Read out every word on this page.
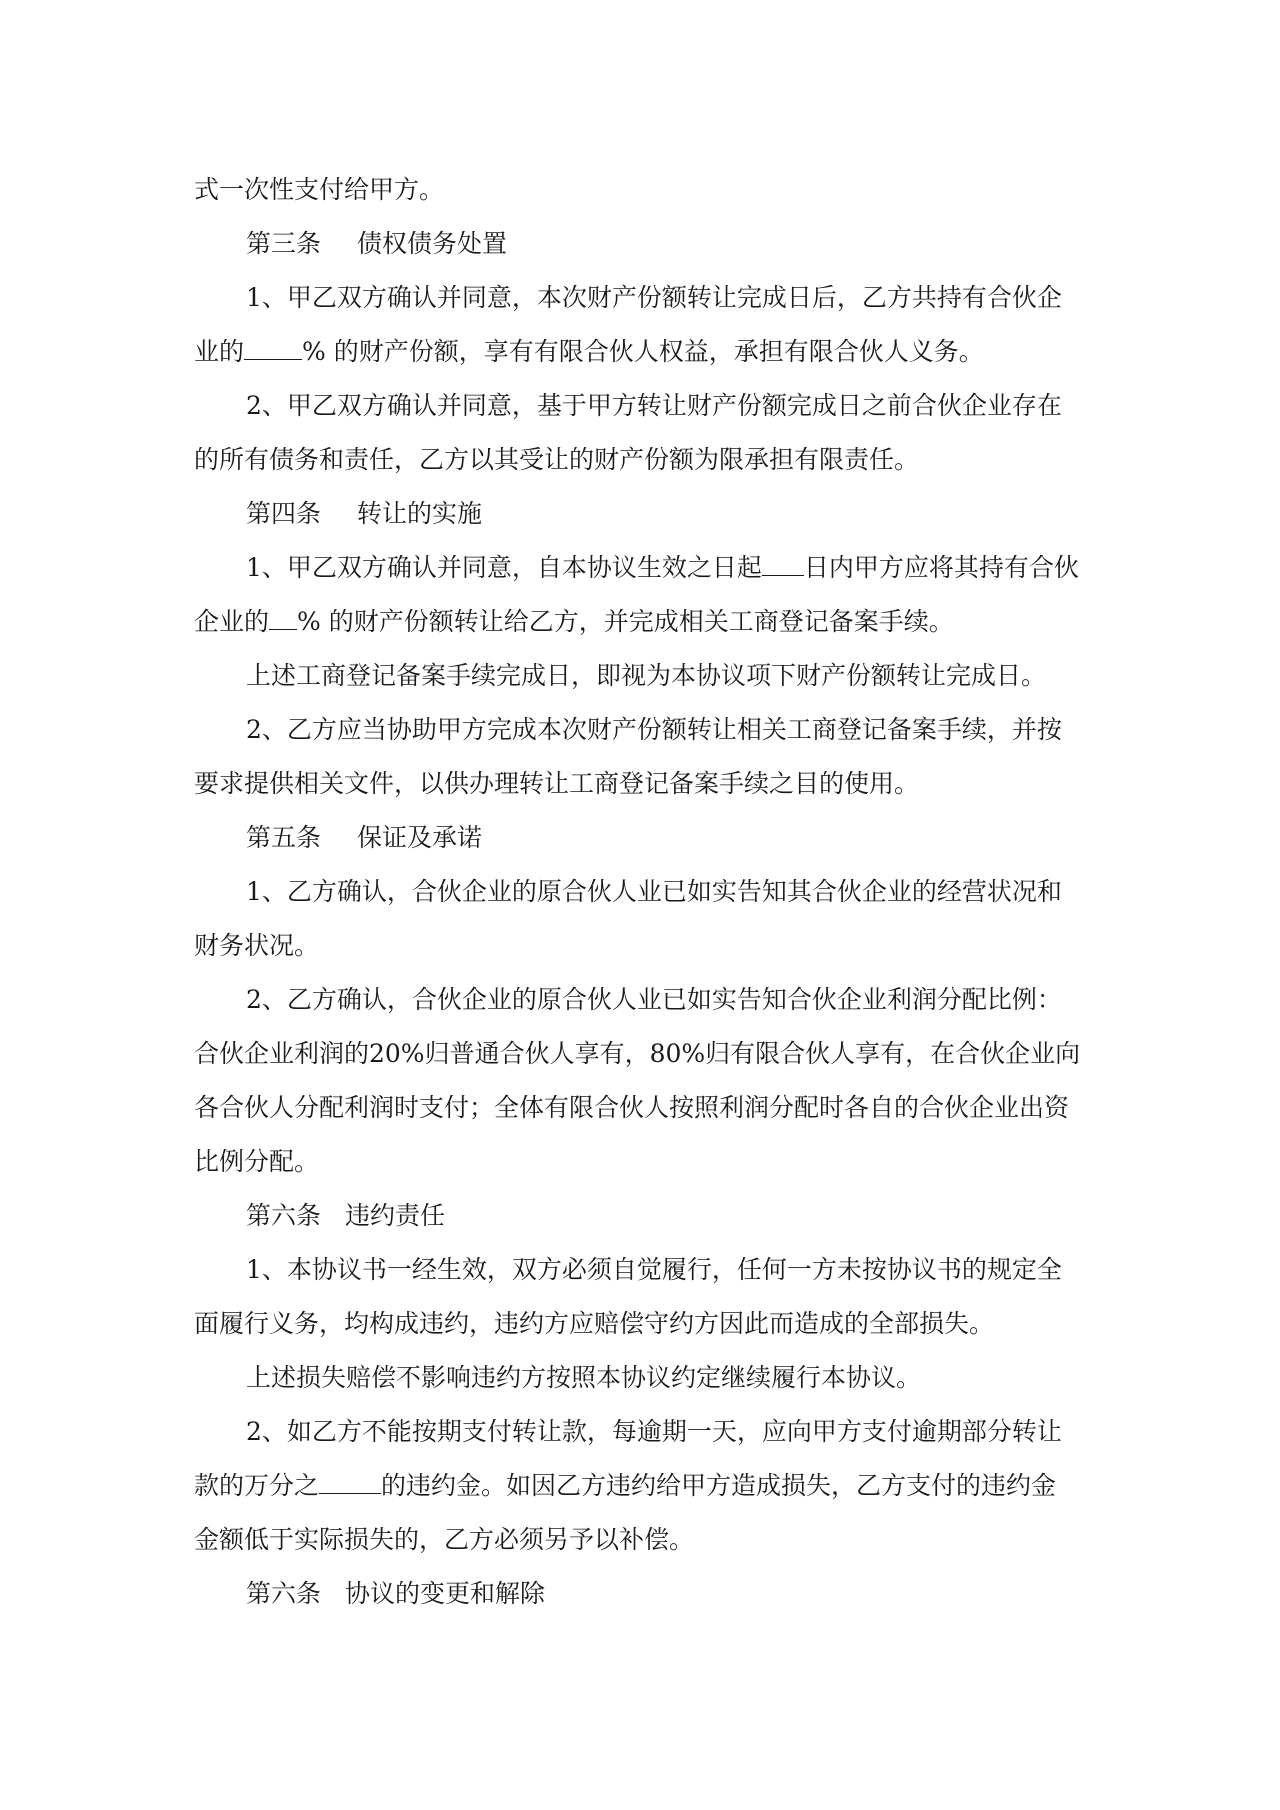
式一次性支付给甲方。
第三条 债权债务处置
1、甲乙双方确认并同意，本次财产份额转让完成日后，乙方共持有合伙企
业的 % 的财产份额，享有有限合伙人权益，承担有限合伙人义务。
2、甲乙双方确认并同意，基于甲方转让财产份额完成日之前合伙企业存在
的所有债务和责任，乙方以其受让的财产份额为限承担有限责任。
第四条 转让的实施
1、甲乙双方确认并同意，自本协议生效之日起 日内甲方应将其持有合伙
企业的 % 的财产份额转让给乙方，并完成相关工商登记备案手续。
上述工商登记备案手续完成日，即视为本协议项下财产份额转让完成日。
2、乙方应当协助甲方完成本次财产份额转让相关工商登记备案手续，并按
要求提供相关文件，以供办理转让工商登记备案手续之目的使用。
第五条 保证及承诺
1、乙方确认，合伙企业的原合伙人业已如实告知其合伙企业的经营状况和
财务状况。
2、乙方确认，合伙企业的原合伙人业已如实告知合伙企业利润分配比例：
合伙企业利润的20%归普通合伙人享有，80%归有限合伙人享有，在合伙企业向
各合伙人分配利润时支付；全体有限合伙人按照利润分配时各自的合伙企业出资
比例分配。
第六条 违约责任
1、本协议书一经生效，双方必须自觉履行，任何一方未按协议书的规定全
面履行义务，均构成违约，违约方应赔偿守约方因此而造成的全部损失。
上述损失赔偿不影响违约方按照本协议约定继续履行本协议。
2、如乙方不能按期支付转让款，每逾期一天，应向甲方支付逾期部分转让
款的万分之 的违约金。如因乙方违约给甲方造成损失，乙方支付的违约金
金额低于实际损失的，乙方必须另予以补偿。
第六条 协议的变更和解除
